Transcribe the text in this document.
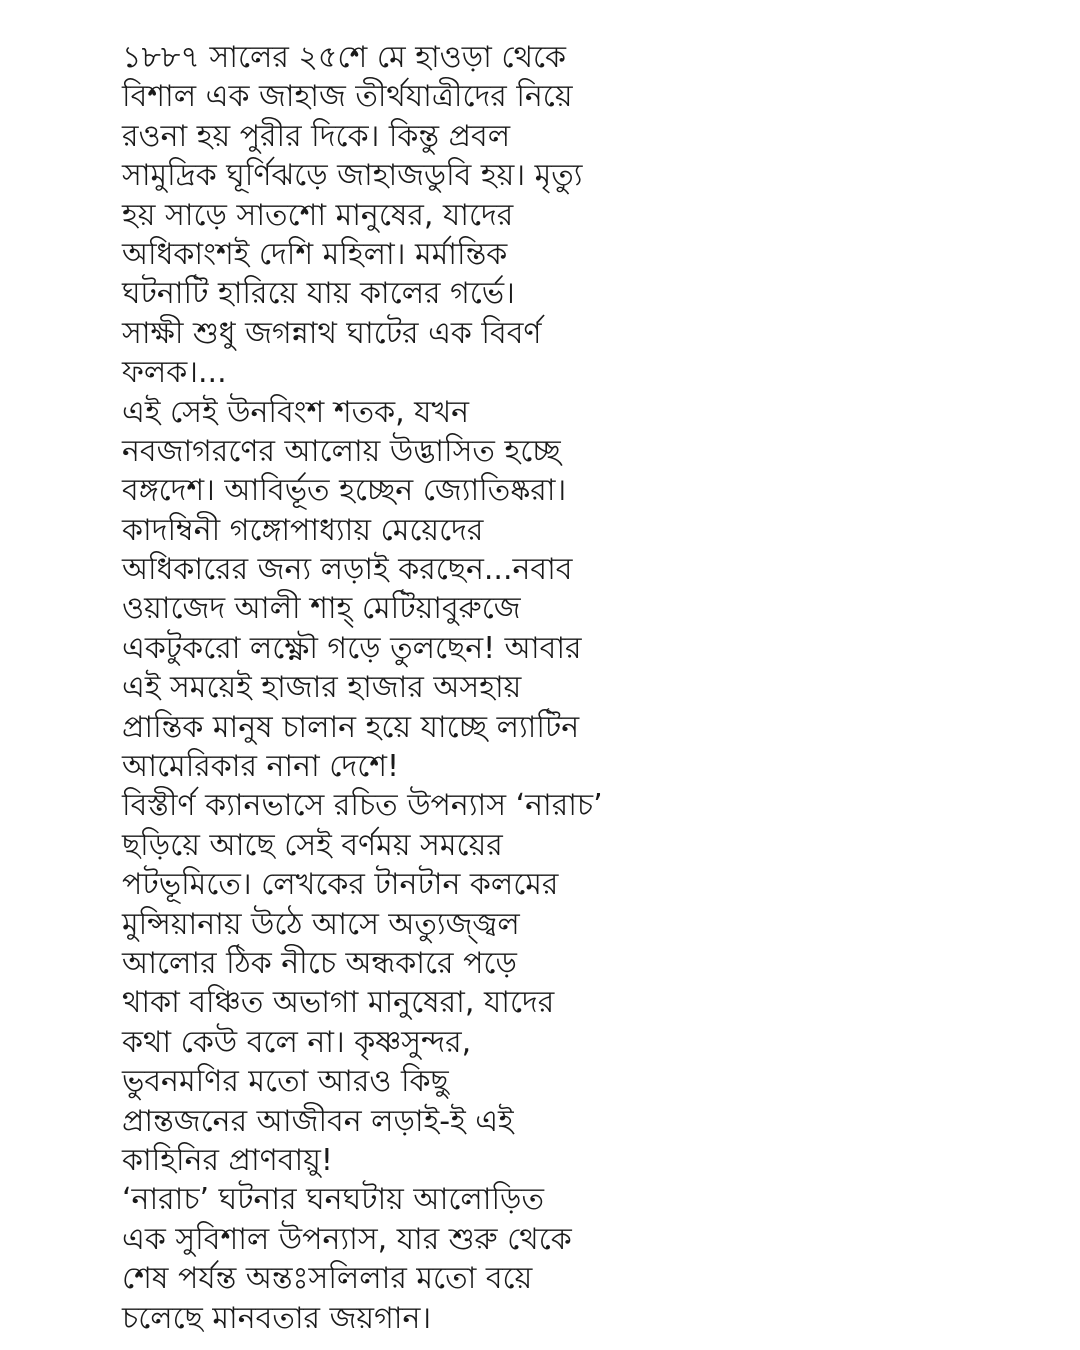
১৮৮৭ সালের ২৫শে মে হাওড়া থেকে
বিশাল এক জাহাজ তীর্থযাত্রীদের নিয়ে
রওনা হয় পুরীর দিকে। কিন্তু প্রবল
সামুদ্রিক ঘূর্ণিঝড়ে জাহাজডুবি হয়। মৃত্যু
হয় সাড়ে সাতশো মানুষের, যাদের
অধিকাংশই দেশি মহিলা। মর্মান্তিক
ঘটনাটি হারিয়ে যায় কালের গর্ভে।
সাক্ষী শুধু জগন্নাথ ঘাটের এক বিবর্ণ
ফলক।...
এই সেই উনবিংশ শতক, যখন
নবজাগরণের আলোয় উদ্ভাসিত হচ্ছে
বঙ্গদেশ। আবির্ভূত হচ্ছেন জ্যোতিষ্করা।
কাদম্বিনী গঙ্গোপাধ্যায় মেয়েদের
অধিকারের জন্য লড়াই করছেন...নবাব
ওয়াজেদ আলী শাহ্ মেটিয়াবুরুজে
একটুকরো লক্ষ্ণৌ গড়ে তুলছেন! আবার
এই সময়েই হাজার হাজার অসহায়
প্রান্তিক মানুষ চালান হয়ে যাচ্ছে ল্যাটিন
আমেরিকার নানা দেশে!
বিস্তীর্ণ ক্যানভাসে রচিত উপন্যাস ‘নারাচ’
ছড়িয়ে আছে সেই বর্ণময় সময়ের
পটভূমিতে। লেখকের টানটান কলমের
মুন্সিয়ানায় উঠে আসে অত্যুজ্জ্বল
আলোর ঠিক নীচে অন্ধকারে পড়ে
থাকা বঞ্চিত অভাগা মানুষেরা, যাদের
কথা কেউ বলে না। কৃষ্ণসুন্দর,
ভুবনমণির মতো আরও কিছু
প্রান্তজনের আজীবন লড়াই-ই এই
কাহিনির প্রাণবায়ু!
‘নারাচ’ ঘটনার ঘনঘটায় আলোড়িত
এক সুবিশাল উপন্যাস, যার শুরু থেকে
শেষ পর্যন্ত অন্তঃসলিলার মতো বয়ে
চলেছে মানবতার জয়গান।
